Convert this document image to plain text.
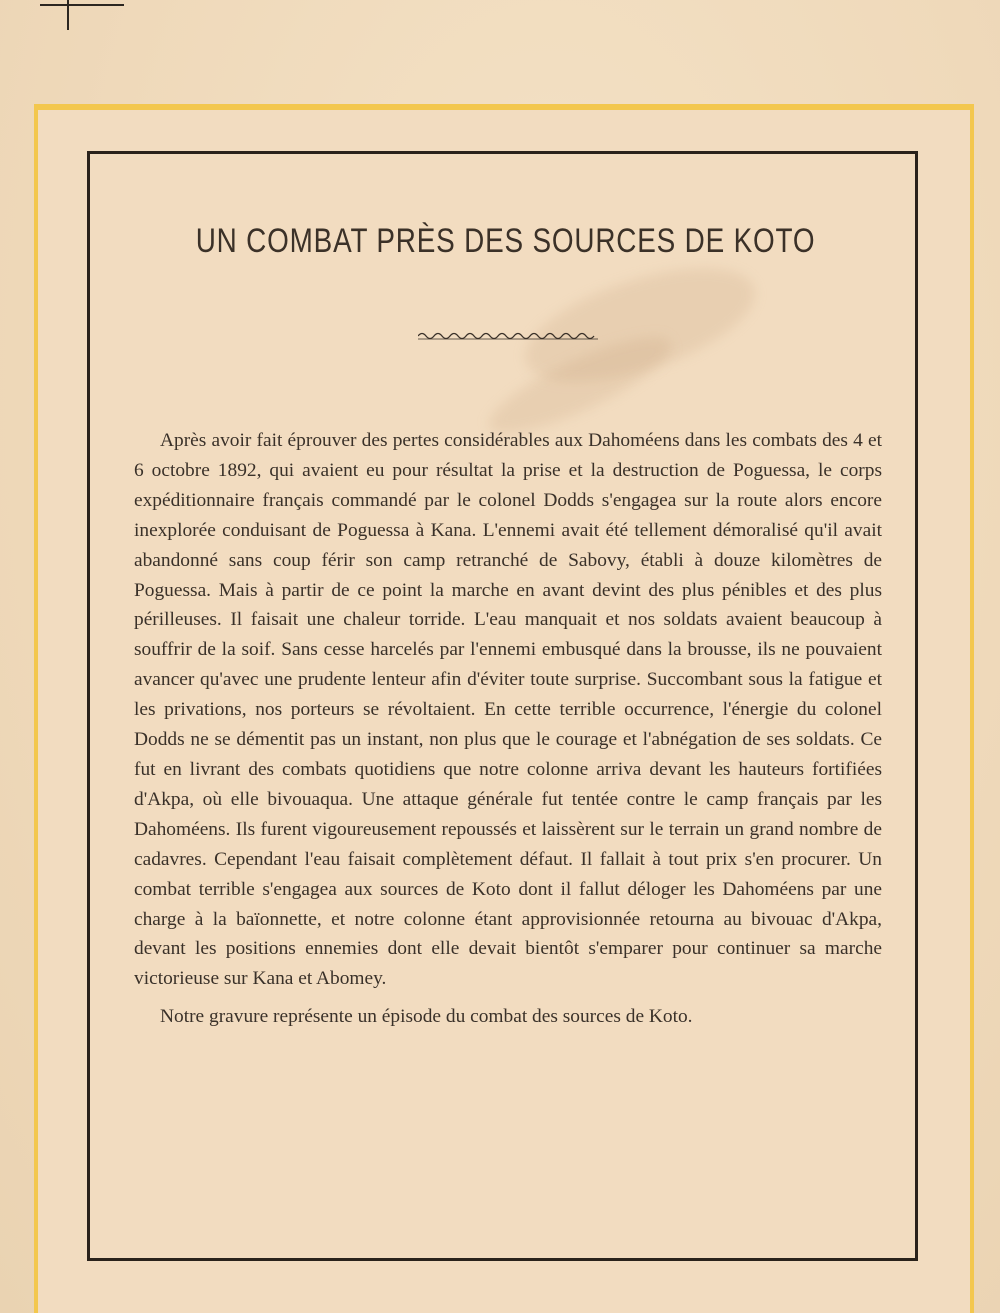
UN COMBAT PRÈS DES SOURCES DE KOTO

Après avoir fait éprouver des pertes considérables aux Dahoméens dans les combats des 4 et 6 octobre 1892, qui avaient eu pour résultat la prise et la destruction de Poguessa, le corps expéditionnaire français commandé par le colonel Dodds s'engagea sur la route alors encore inexplorée conduisant de Poguessa à Kana. L'ennemi avait été tellement démoralisé qu'il avait abandonné sans coup férir son camp retranché de Sabovy, établi à douze kilomètres de Poguessa. Mais à partir de ce point la marche en avant devint des plus pénibles et des plus périlleuses. Il faisait une chaleur torride. L'eau manquait et nos soldats avaient beaucoup à souffrir de la soif. Sans cesse harcelés par l'ennemi embusqué dans la brousse, ils ne pouvaient avancer qu'avec une prudente lenteur afin d'éviter toute surprise. Succombant sous la fatigue et les privations, nos porteurs se révoltaient. En cette terrible occurrence, l'énergie du colonel Dodds ne se démentit pas un instant, non plus que le courage et l'abnégation de ses soldats. Ce fut en livrant des combats quotidiens que notre colonne arriva devant les hauteurs fortifiées d'Akpa, où elle bivouaqua. Une attaque générale fut tentée contre le camp français par les Dahoméens. Ils furent vigoureusement repoussés et laissèrent sur le terrain un grand nombre de cadavres. Cependant l'eau faisait complètement défaut. Il fallait à tout prix s'en procurer. Un combat terrible s'engagea aux sources de Koto dont il fallut déloger les Dahoméens par une charge à la baïonnette, et notre colonne étant approvisionnée retourna au bivouac d'Akpa, devant les positions ennemies dont elle devait bientôt s'emparer pour continuer sa marche victorieuse sur Kana et Abomey.

Notre gravure représente un épisode du combat des sources de Koto.
